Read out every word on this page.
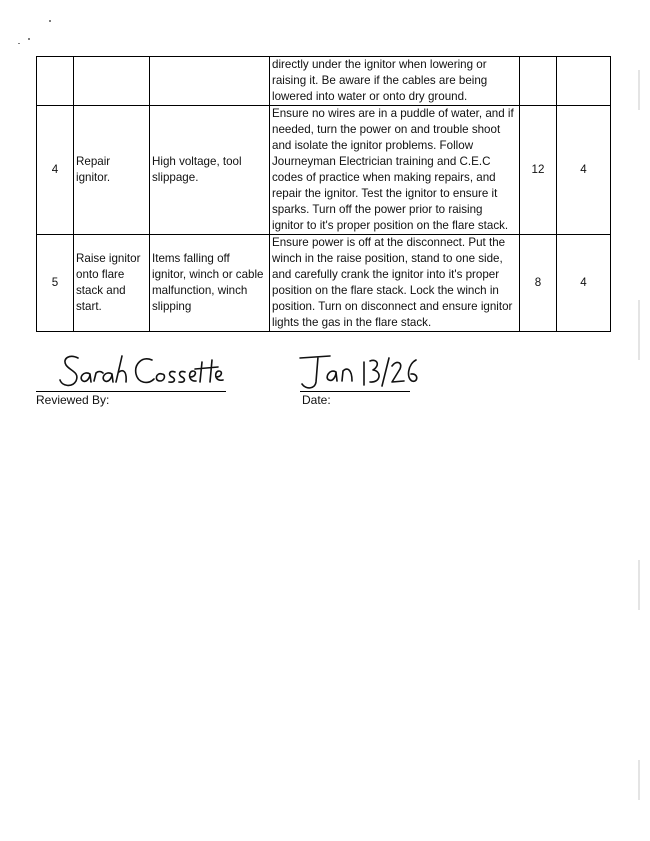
			directly under the ignitor when lowering or raising it. Be aware if the cables are being lowered into water or onto dry ground.		
4	Repair ignitor.	High voltage, tool slippage.	Ensure no wires are in a puddle of water, and if needed, turn the power on and trouble shoot and isolate the ignitor problems. Follow Journeyman Electrician training and C.E.C codes of practice when making repairs, and repair the ignitor. Test the ignitor to ensure it sparks. Turn off the power prior to raising ignitor to it's proper position on the flare stack.	12	4
5	Raise ignitor onto flare stack and start.	Items falling off ignitor, winch or cable malfunction, winch slipping	Ensure power is off at the disconnect. Put the winch in the raise position, stand to one side, and carefully crank the ignitor into it's proper position on the flare stack. Lock the winch in position. Turn on disconnect and ensure ignitor lights the gas in the flare stack.	8	4
Reviewed By:	Date:
